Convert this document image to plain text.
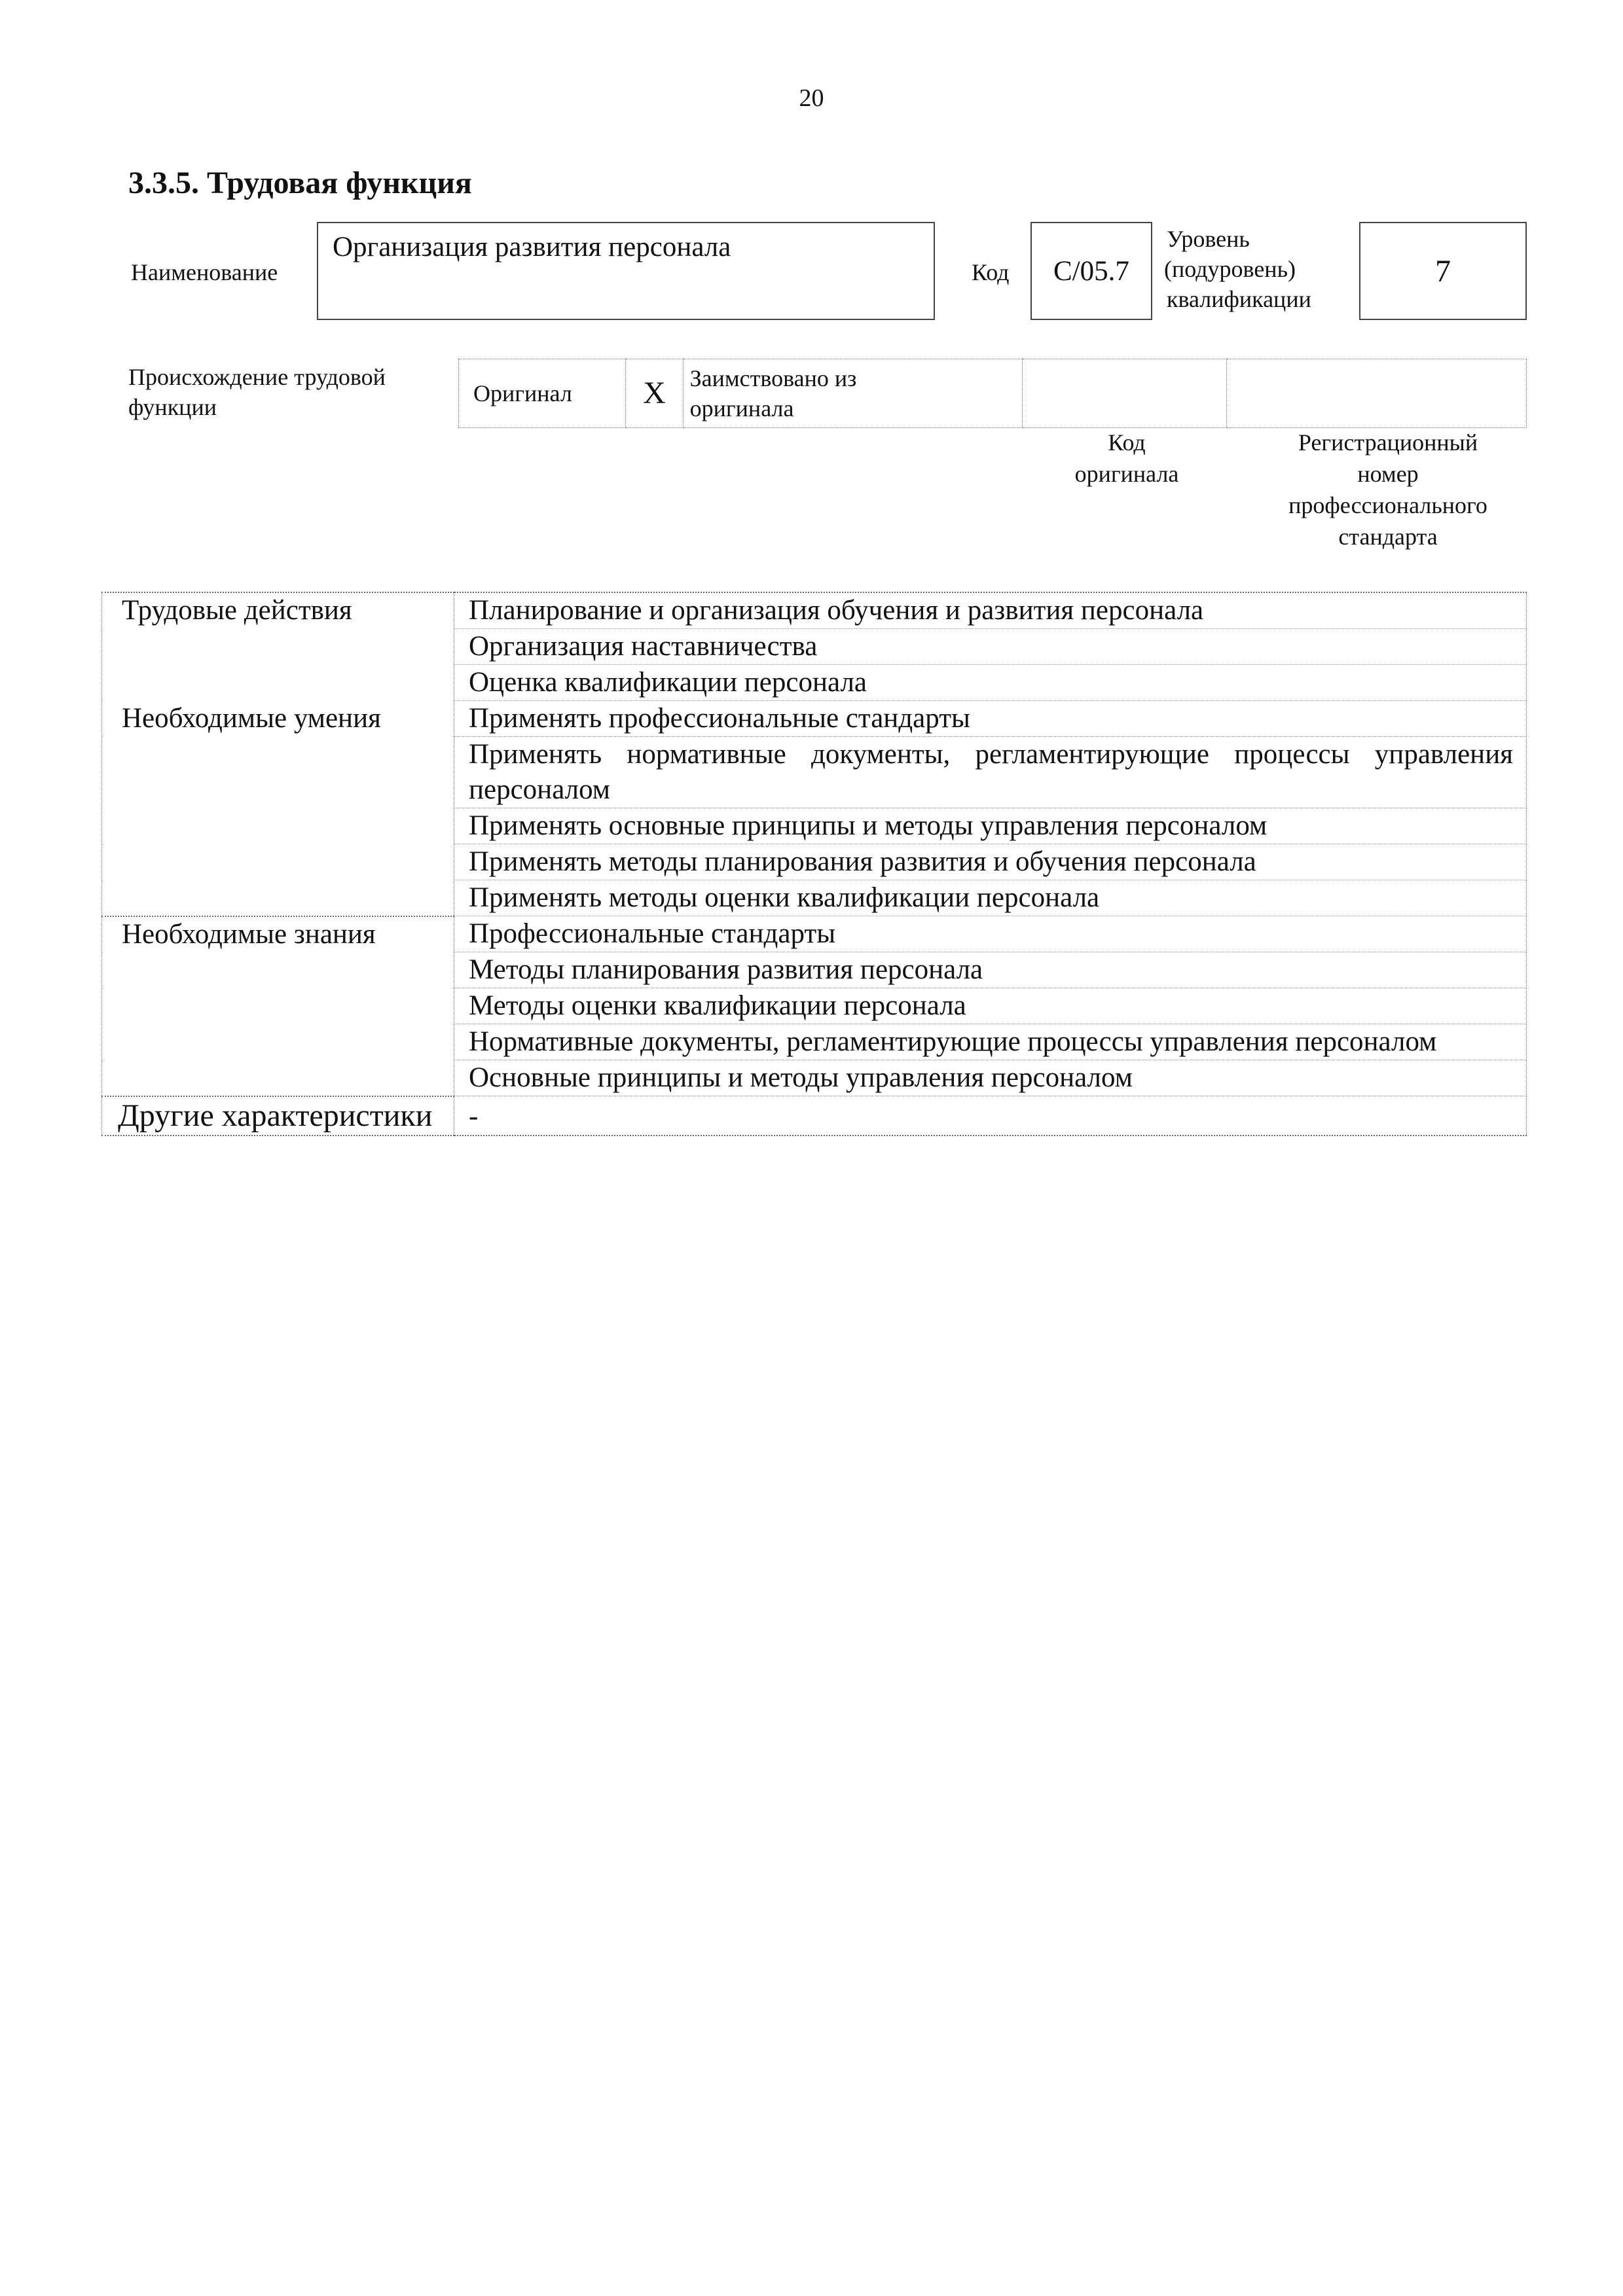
20
3.3.5. Трудовая функция
Наименование
Организация развития персонала
Код C/05.7
Уровень
(подуровень)
квалификации
7
Происхождение трудовой
функции
Оригинал	X	Заимствовано из
оригинала

Код
оригинала
Регистрационный
номер
профессионального
стандарта
Трудовые действия	Планирование и организация обучения и развития персонала
	Организация наставничества
	Оценка квалификации персонала
Необходимые умения	Применять профессиональные стандарты
	Применять нормативные документы, регламентирующие процессы управления персоналом
	Применять основные принципы и методы управления персоналом
	Применять методы планирования развития и обучения персонала
	Применять методы оценки квалификации персонала
Необходимые знания	Профессиональные стандарты
	Методы планирования развития персонала
	Методы оценки квалификации персонала
	Нормативные документы, регламентирующие процессы управления персоналом
	Основные принципы и методы управления персоналом
Другие характеристики	-
